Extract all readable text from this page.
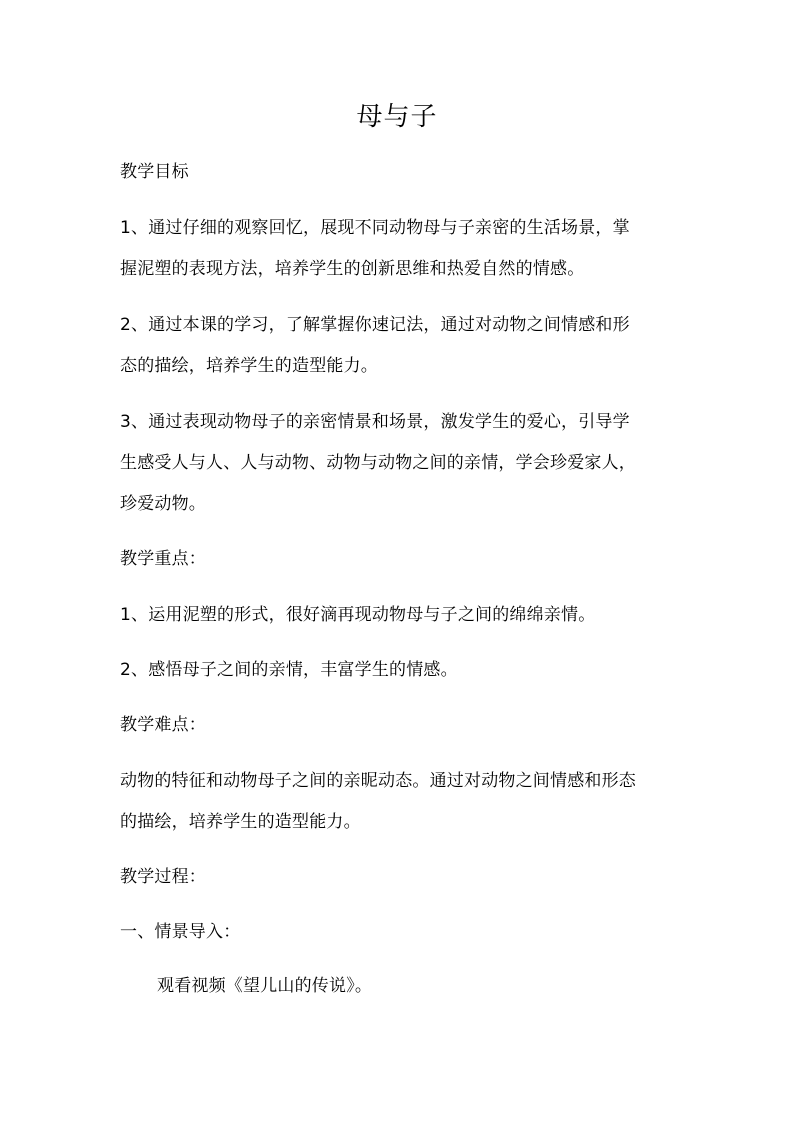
母与子
教学目标
1、通过仔细的观察回忆，展现不同动物母与子亲密的生活场景，掌
握泥塑的表现方法，培养学生的创新思维和热爱自然的情感。
2、通过本课的学习，了解掌握你速记法，通过对动物之间情感和形
态的描绘，培养学生的造型能力。
3、通过表现动物母子的亲密情景和场景，激发学生的爱心，引导学
生感受人与人、人与动物、动物与动物之间的亲情，学会珍爱家人，
珍爱动物。
教学重点：
1、运用泥塑的形式，很好滴再现动物母与子之间的绵绵亲情。
2、感悟母子之间的亲情，丰富学生的情感。
教学难点：
动物的特征和动物母子之间的亲昵动态。通过对动物之间情感和形态
的描绘，培养学生的造型能力。
教学过程：
一、情景导入：
观看视频《望儿山的传说》。
